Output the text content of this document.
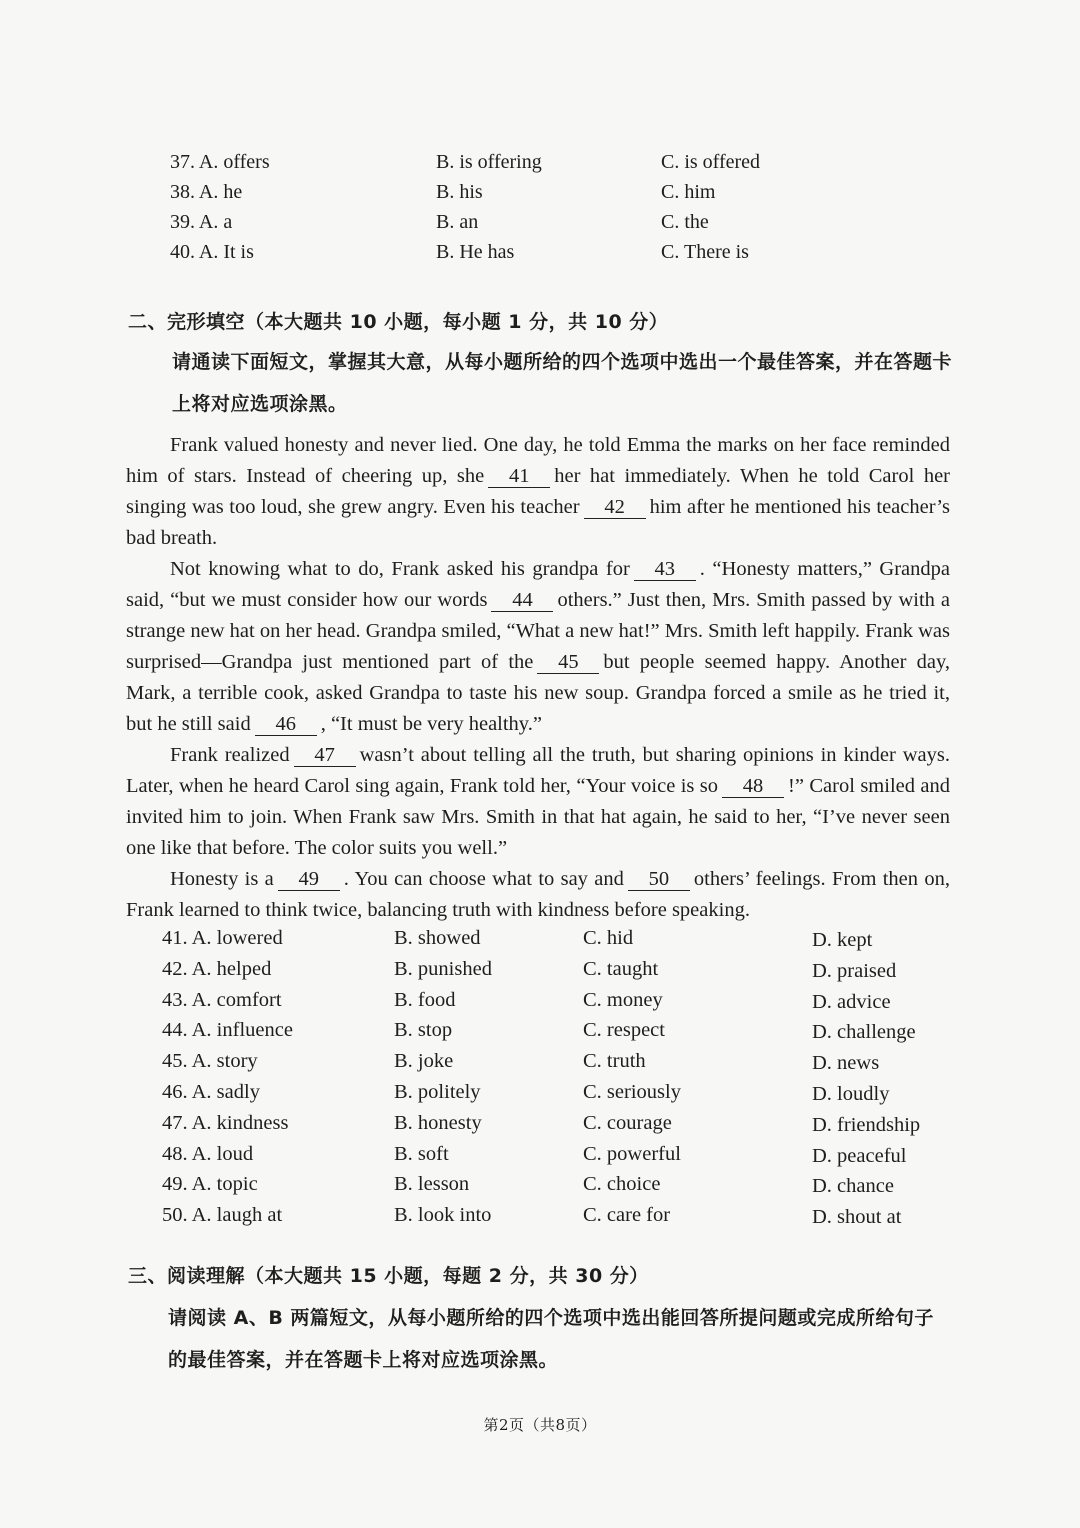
37. A. offers	B. is offering	C. is offered
38. A. he	B. his	C. him
39. A. a	B. an	C. the
40. A. It is	B. He has	C. There is
二、完形填空（本大题共 10 小题，每小题 1 分，共 10 分）
请通读下面短文，掌握其大意，从每小题所给的四个选项中选出一个最佳答案，并在答题卡上将对应选项涂黑。

Frank valued honesty and never lied. One day, he told Emma the marks on her face reminded him of stars. Instead of cheering up, she 41 her hat immediately. When he told Carol her singing was too loud, she grew angry. Even his teacher 42 him after he mentioned his teacher’s bad breath.

Not knowing what to do, Frank asked his grandpa for 43 . “Honesty matters,” Grandpa said, “but we must consider how our words 44 others.” Just then, Mrs. Smith passed by with a strange new hat on her head. Grandpa smiled, “What a new hat!” Mrs. Smith left happily. Frank was surprised—Grandpa just mentioned part of the 45 but people seemed happy. Another day, Mark, a terrible cook, asked Grandpa to taste his new soup. Grandpa forced a smile as he tried it, but he still said 46 , “It must be very healthy.”

Frank realized 47 wasn’t about telling all the truth, but sharing opinions in kinder ways. Later, when he heard Carol sing again, Frank told her, “Your voice is so 48 !” Carol smiled and invited him to join. When Frank saw Mrs. Smith in that hat again, he said to her, “I’ve never seen one like that before. The color suits you well.”

Honesty is a 49 . You can choose what to say and 50 others’ feelings. From then on, Frank learned to think twice, balancing truth with kindness before speaking.

41. A. lowered	B. showed	C. hid	D. kept
42. A. helped	B. punished	C. taught	D. praised
43. A. comfort	B. food	C. money	D. advice
44. A. influence	B. stop	C. respect	D. challenge
45. A. story	B. joke	C. truth	D. news
46. A. sadly	B. politely	C. seriously	D. loudly
47. A. kindness	B. honesty	C. courage	D. friendship
48. A. loud	B. soft	C. powerful	D. peaceful
49. A. topic	B. lesson	C. choice	D. chance
50. A. laugh at	B. look into	C. care for	D. shout at
三、阅读理解（本大题共 15 小题，每题 2 分，共 30 分）
请阅读 A、B 两篇短文，从每小题所给的四个选项中选出能回答所提问题或完成所给句子的最佳答案，并在答题卡上将对应选项涂黑。
第2页（共8页）
